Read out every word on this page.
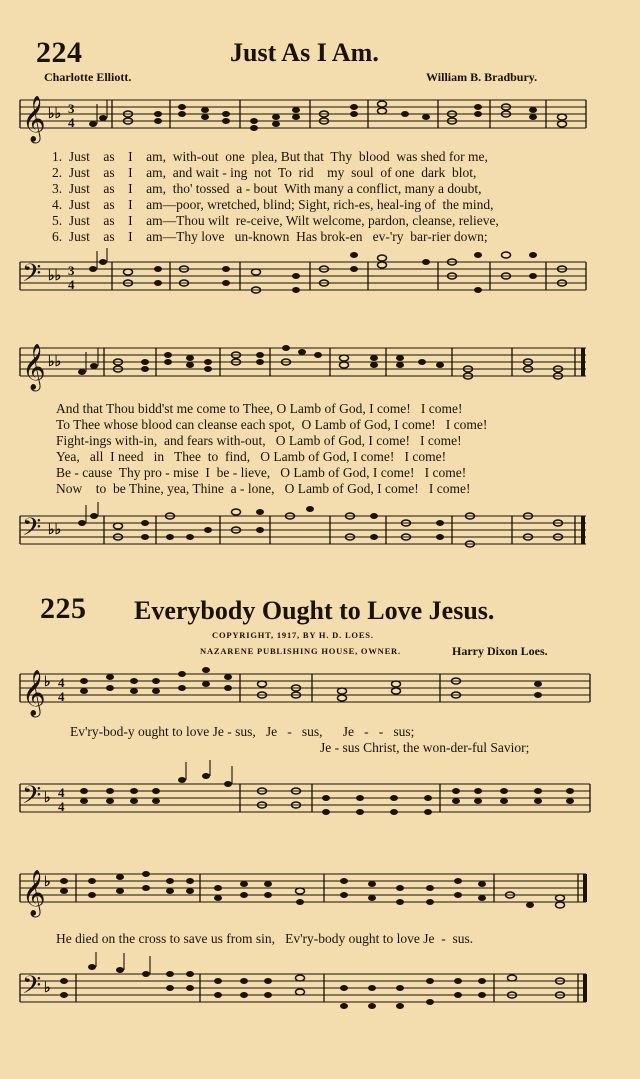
224	Just As I Am.
Charlotte Elliott.	William B. Bradbury.
𝄞 ♭♭ 3
4
1.  Just    as    I    am,  with-out  one  plea, But that  Thy  blood  was shed for me,
2.  Just    as    I    am,  and wait - ing  not  To  rid    my  soul  of one  dark  blot,
3.  Just    as    I    am,  tho' tossed  a - bout  With many a conflict, many a doubt,
4.  Just    as    I    am—poor, wretched, blind; Sight, rich-es, heal-ing of  the mind,
5.  Just    as    I    am—Thou wilt  re-ceive, Wilt welcome, pardon, cleanse, relieve,
6.  Just    as    I    am—Thy love   un-known  Has brok-en   ev-'ry  bar-rier down;
𝄢 ♭♭ 3
4
𝄞 ♭♭
And that Thou bidd'st me come to Thee, O Lamb of God, I come!   I come!
To Thee whose blood can cleanse each spot,  O Lamb of God, I come!   I come!
Fight-ings with-in,  and fears with-out,   O Lamb of God, I come!   I come!
Yea,   all  I need   in   Thee  to  find,   O Lamb of God, I come!   I come!
Be - cause  Thy pro - mise  I  be - lieve,   O Lamb of God, I come!   I come!
Now    to  be Thine, yea, Thine  a - lone,   O Lamb of God, I come!   I come!
𝄢 ♭♭
225 Everybody Ought to Love Jesus.
COPYRIGHT, 1917, BY H. D. LOES.
NAZARENE PUBLISHING HOUSE, OWNER.	Harry Dixon Loes.
𝄞
♭ 4
4
Ev'ry-bod-y ought to love Je - sus,   Je   -   sus,      Je   -   -   sus;
Je - sus Christ, the won-der-ful Savior;
𝄢 ♭ 4
4
𝄞
♭
He died on the cross to save us from sin,   Ev'ry-body ought to love Je  -  sus.
𝄢 ♭
